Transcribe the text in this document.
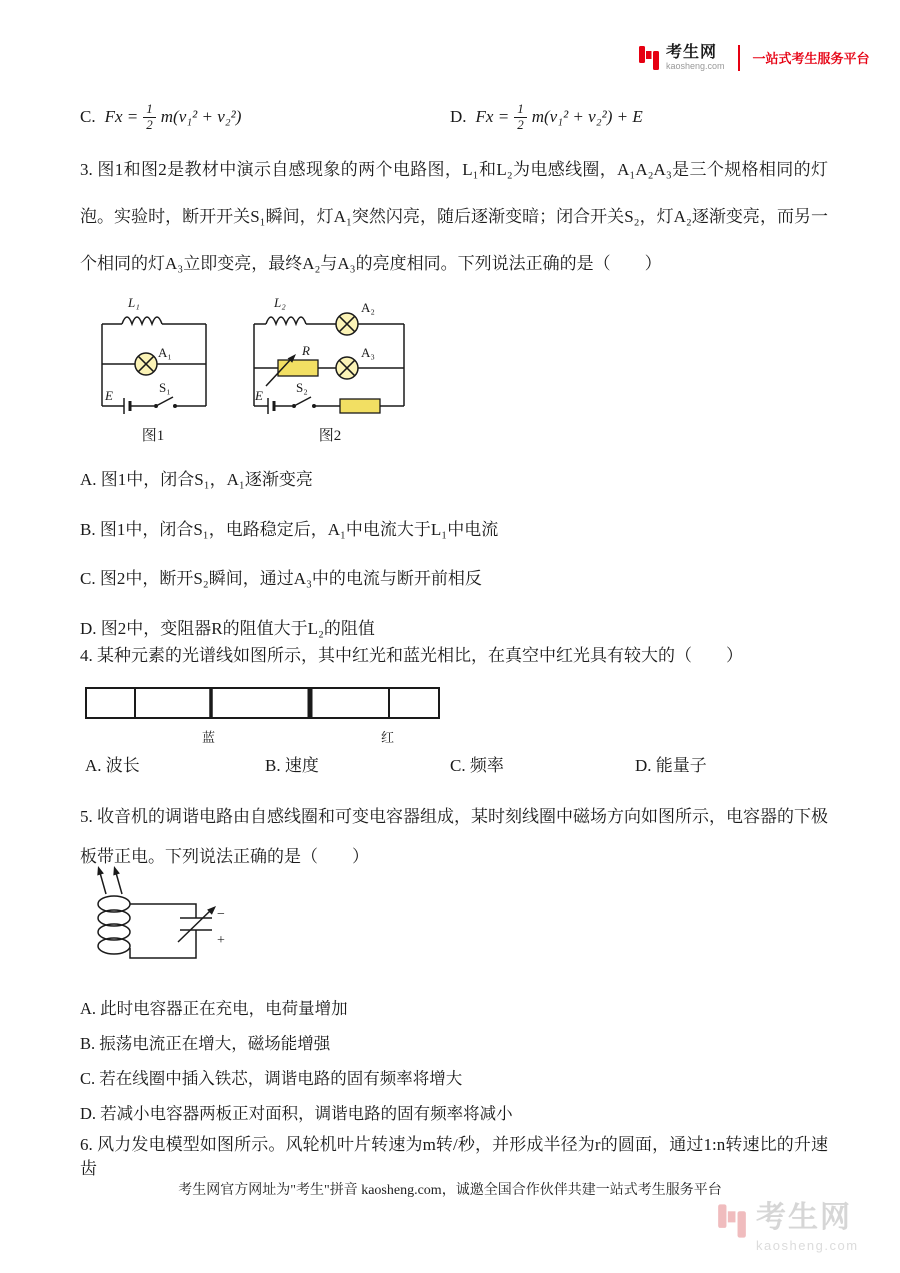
考生网
kaosheng.com 一站式考生服务平台
C. $Fx = \frac{1}{2} m(v_1^2 + v_2^2)$	D. $Fx = \frac{1}{2} m(v_1^2 + v_2^2) + E$

3. 图1和图2是教材中演示自感现象的两个电路图，L₁和L₂为电感线圈，A₁A₂A₃是三个规格相同的灯泡。实验时，断开开关S₁瞬间，灯A₁突然闪亮，随后逐渐变暗；闭合开关S₂，灯A₂逐渐变亮，而另一个相同的灯A₃立即变亮，最终A₂与A₃的亮度相同。下列说法正确的是（　　）

L₁
A₁
E
S₁
图1
L₂	A₂
A₃
R
E
S₂
图2
A. 图1中，闭合S₁，A₁逐渐变亮
B. 图1中，闭合S₁，电路稳定后，A₁中电流大于L₁中电流
C. 图2中，断开S₂瞬间，通过A₃中的电流与断开前相反
D. 图2中，变阻器R的阻值大于L₂的阻值

4. 某种元素的光谱线如图所示，其中红光和蓝光相比，在真空中红光具有较大的（　　）

蓝	红
A. 波长	B. 速度	C. 频率	D. 能量子

5. 收音机的调谐电路由自感线圈和可变电容器组成，某时刻线圈中磁场方向如图所示，电容器的下极板带正电。下列说法正确的是（　　）

−
+
A. 此时电容器正在充电，电荷量增加
B. 振荡电流正在增大，磁场能增强
C. 若在线圈中插入铁芯，调谐电路的固有频率将增大
D. 若减小电容器两板正对面积，调谐电路的固有频率将减小

6. 风力发电模型如图所示。风轮机叶片转速为m转/秒，并形成半径为r的圆面，通过1:n转速比的升速齿

考生网官方网址为"考生"拼音 kaosheng.com，诚邀全国合作伙伴共建一站式考生服务平台
考生网
kaosheng.com
